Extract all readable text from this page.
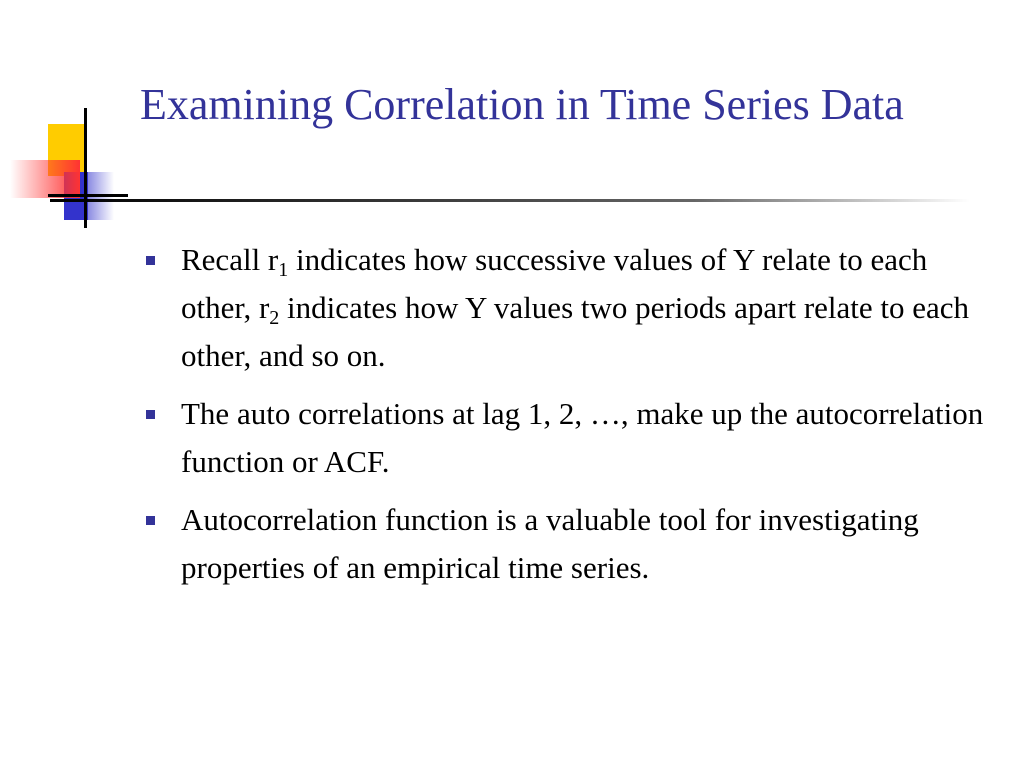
Examining Correlation in Time Series Data
Recall $r_1$ indicates how successive values of Y relate to each other, $r_2$ indicates how Y values two periods apart relate to each other, and so on.
The auto correlations at lag 1, 2, …, make up the autocorrelation function or ACF.
Autocorrelation function is a valuable tool for investigating properties of an empirical time series.
